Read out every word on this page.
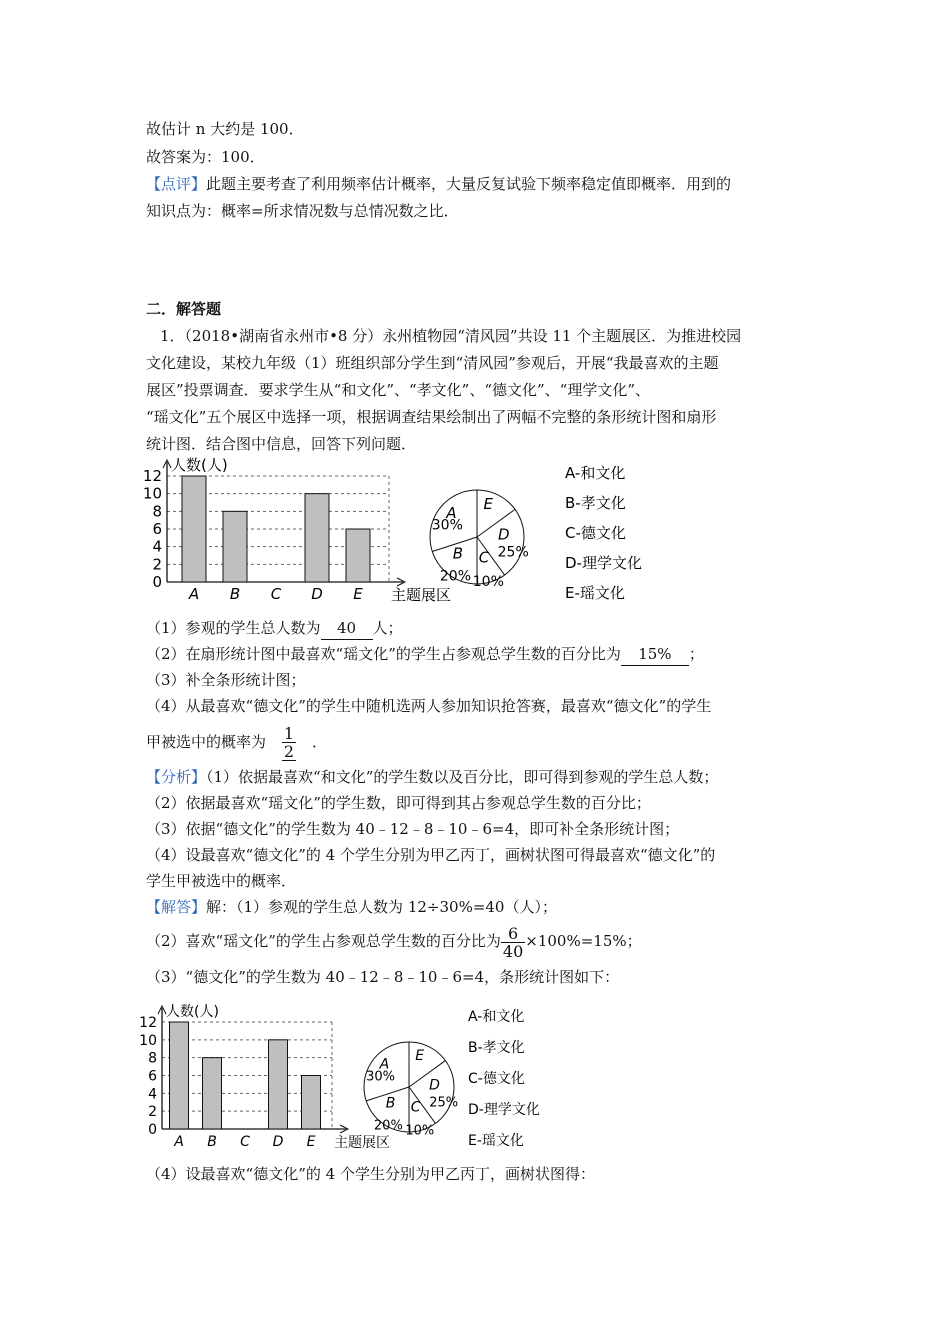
故估计 n 大约是 100．
故答案为：100．
【点评】此题主要考查了利用频率估计概率，大量反复试验下频率稳定值即概率．用到的
知识点为：概率=所求情况数与总情况数之比．
二．解答题
1．（2018•湖南省永州市•8 分）永州植物园“清风园”共设 11 个主题展区．为推进校园
文化建设，某校九年级（1）班组织部分学生到“清风园”参观后，开展“我最喜欢的主题
展区”投票调查．要求学生从“和文化”、“孝文化”、“德文化”、“理学文化”、
“瑶文化”五个展区中选择一项，根据调查结果绘制出了两幅不完整的条形统计图和扇形
统计图．结合图中信息，回答下列问题．
0
2
4
6
8
10
12
人数(人)
主题展区
A B C D E
E
D
25%
C
10%
B
20%
A
30%
A-和文化
B-孝文化
C-德文化
D-理学文化
E-瑶文化
（1）参观的学生总人数为 40 人；
（2）在扇形统计图中最喜欢“瑶文化”的学生占参观总学生数的百分比为 15% ；
（3）补全条形统计图；
（4）从最喜欢“德文化”的学生中随机选两人参加知识抢答赛，最喜欢“德文化”的学生
甲被选中的概率为 $\frac{1}{2}$ ．
【分析】（1）依据最喜欢“和文化”的学生数以及百分比，即可得到参观的学生总人数；
（2）依据最喜欢“瑶文化”的学生数，即可得到其占参观总学生数的百分比；
（3）依据“德文化”的学生数为 40﹣12﹣8﹣10﹣6=4，即可补全条形统计图；
（4）设最喜欢“德文化”的 4 个学生分别为甲乙丙丁，画树状图可得最喜欢“德文化”的
学生甲被选中的概率．
【解答】解：（1）参观的学生总人数为 12÷30%=40（人）；
（2）喜欢“瑶文化”的学生占参观总学生数的百分比为 $\frac{6}{40} \times 100\%=15\%$；
（3）“德文化”的学生数为 40﹣12﹣8﹣10﹣6=4，条形统计图如下：
0
2
4
6
8
10
12
人数(人)
主题展区
A B C D E
E
D
25%
C
10%
B
20%
A
30%
A-和文化
B-孝文化
C-德文化
D-理学文化
E-瑶文化
（4）设最喜欢“德文化”的 4 个学生分别为甲乙丙丁，画树状图得：
